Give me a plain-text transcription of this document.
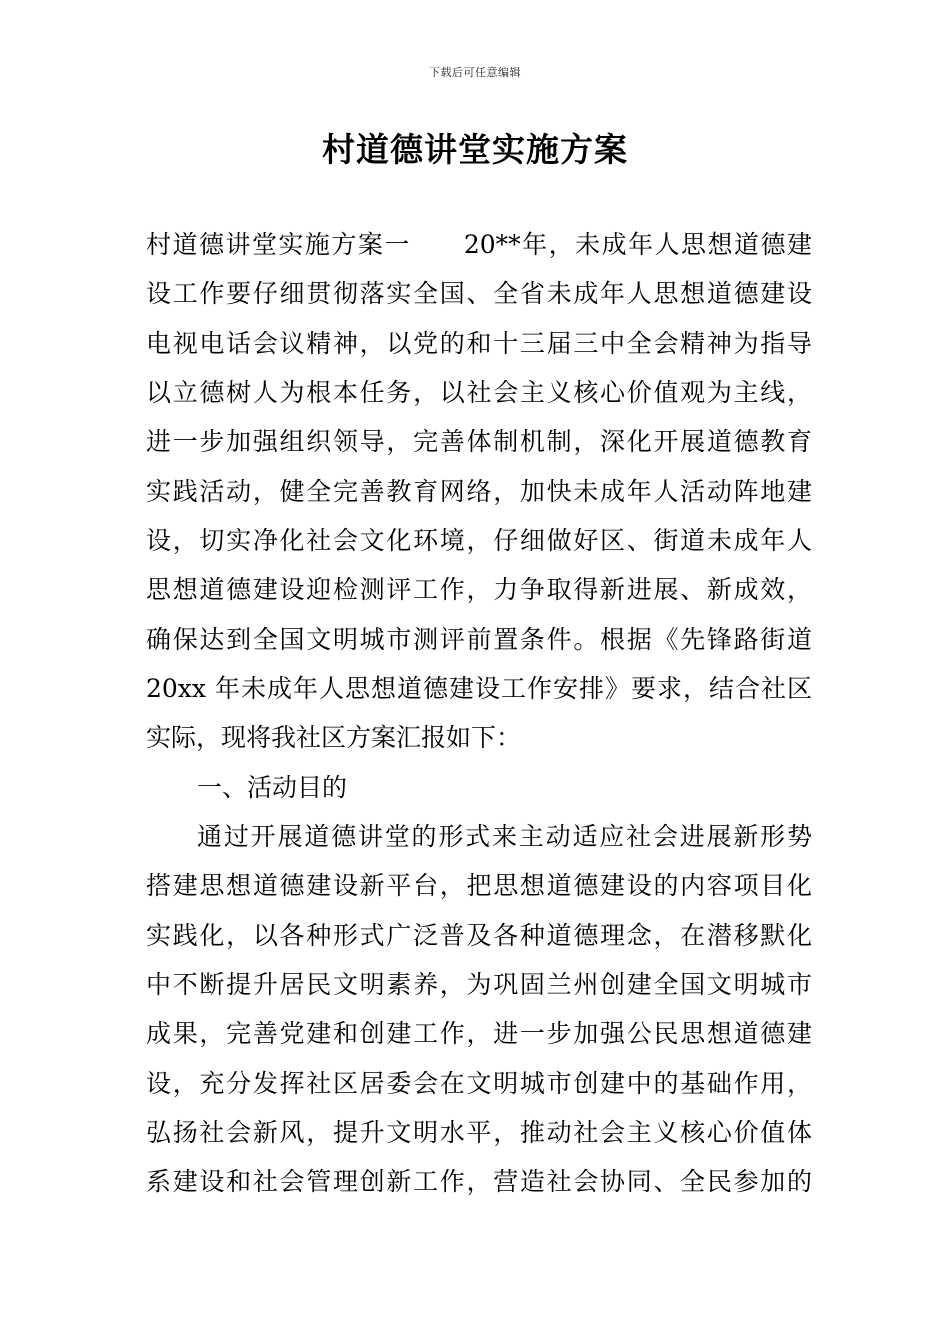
下载后可任意编辑
村道德讲堂实施方案
村道德讲堂实施方案一　　20**年，未成年人思想道德建
设工作要仔细贯彻落实全国、全省未成年人思想道德建设
电视电话会议精神，以党的和十三届三中全会精神为指导
以立德树人为根本任务，以社会主义核心价值观为主线，
进一步加强组织领导，完善体制机制，深化开展道德教育
实践活动，健全完善教育网络，加快未成年人活动阵地建
设，切实净化社会文化环境，仔细做好区、街道未成年人
思想道德建设迎检测评工作，力争取得新进展、新成效，
确保达到全国文明城市测评前置条件。根据《先锋路街道
20xx 年未成年人思想道德建设工作安排》要求，结合社区
实际，现将我社区方案汇报如下：
一、活动目的
通过开展道德讲堂的形式来主动适应社会进展新形势
搭建思想道德建设新平台，把思想道德建设的内容项目化
实践化，以各种形式广泛普及各种道德理念，在潜移默化
中不断提升居民文明素养，为巩固兰州创建全国文明城市
成果，完善党建和创建工作，进一步加强公民思想道德建
设，充分发挥社区居委会在文明城市创建中的基础作用，
弘扬社会新风，提升文明水平，推动社会主义核心价值体
系建设和社会管理创新工作，营造社会协同、全民参加的
